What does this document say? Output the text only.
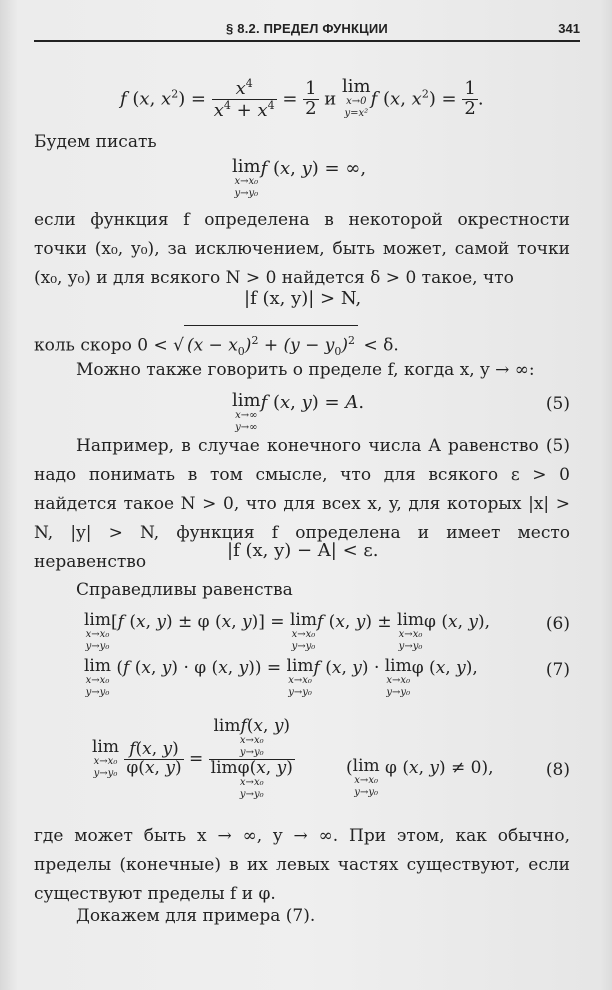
§ 8.2. ПРЕДЕЛ ФУНКЦИИ	341
f (x, $x^2) = \frac{x^4}{x^4 + x^4} = \frac{1}{2}$ и
lim
x→0
y=x²
f (x, $x^2) = \frac{1}{2}$ .

Будем писать

lim
x→x₀
y→y₀
f (x, y) = ∞,

если функция f определена в некоторой окрестности точки (x₀, y₀), за исключением, быть может, самой точки (x₀, y₀) и для всякого N > 0 найдется δ > 0 такое, что

|f (x, y)| > N,
коль скоро 0 < √ $(x - x_0)^2 + (y - y_0)^2 < \delta$.

Можно также говорить о пределе f, когда x, y → ∞:

lim
x→∞
y→∞
f (x, y) = A.	(5)

Например, в случае конечного числа A равенство (5) надо понимать в том смысле, что для всякого ε > 0 найдется такое N > 0, что для всех x, y, для которых |x| > N, |y| > N, функция f определена и имеет место неравенство

|f (x, y) − A| < ε.

Справедливы равенства

lim
x→x₀
y→y₀
[f (x, y) ± φ (x, y)] = lim
x→x₀
y→y₀
f (x, y) ± lim
x→x₀
y→y₀
φ (x, y),	(6)
lim
x→x₀
y→y₀
(f (x, y) · φ (x, y)) = lim
x→x₀
y→y₀
f (x, y) · lim
x→x₀
y→y₀
φ (x, y),	(7)
lim
x→x₀
y→y₀
$\frac{f(x, y)}{\varphi(x, y)} = \lim f(x$, y)
x→x₀
y→y₀
limφ(x, y)
x→x₀
y→y₀	( lim
x→x₀
y→y₀
φ (x, y) ≠ 0),	(8)

где может быть x → ∞, y → ∞. При этом, как обычно, пределы (конечные) в их левых частях существуют, если существуют пределы f и φ.

Докажем для примера (7).
